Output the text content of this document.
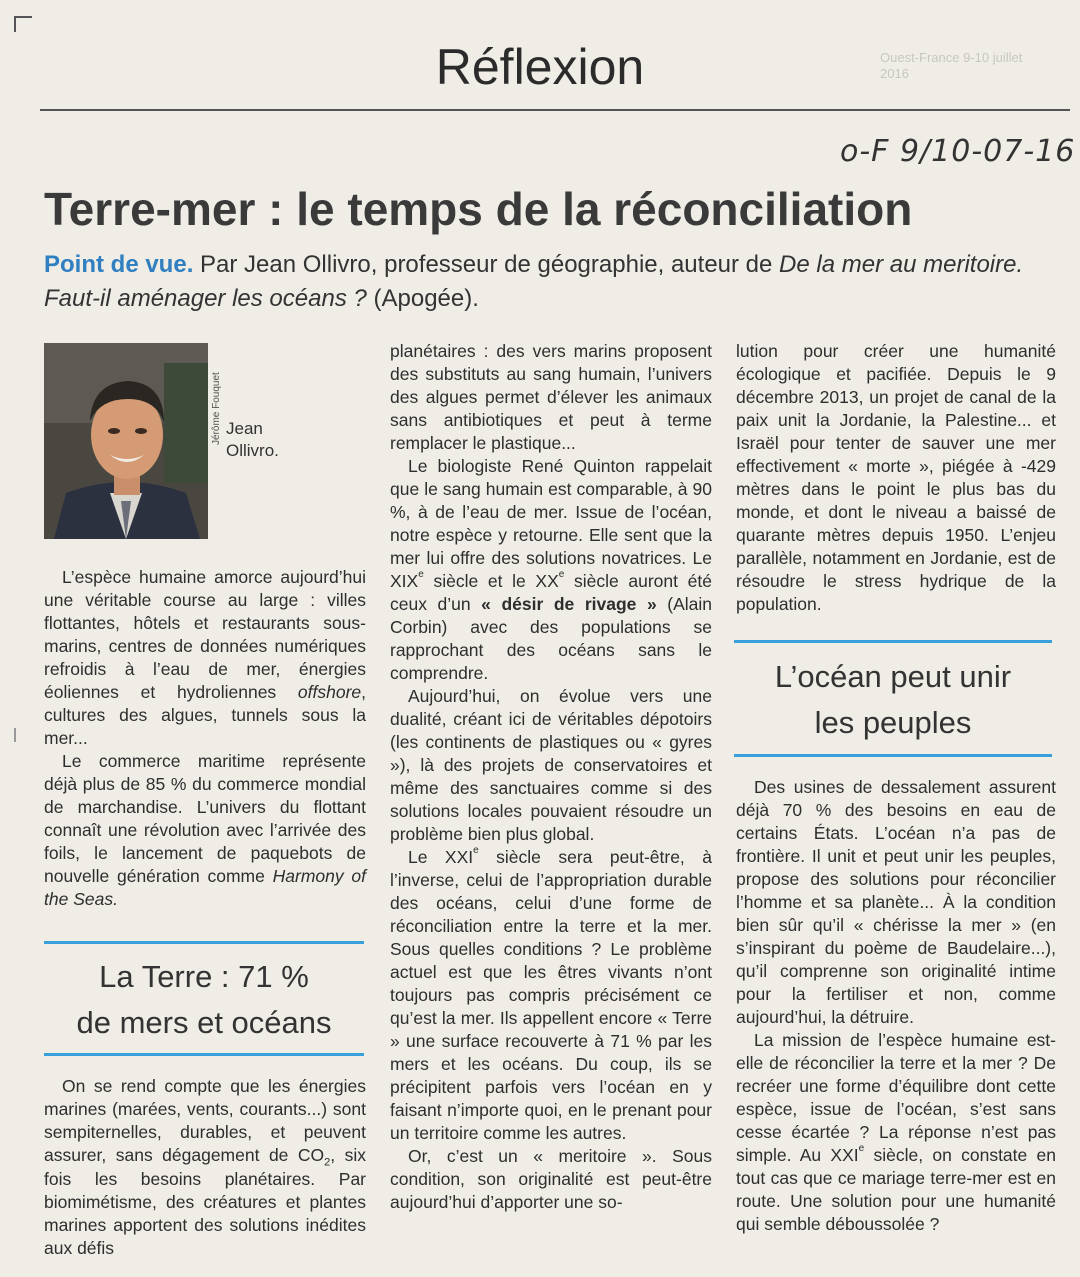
Ouest-France 9-10 juillet 2016
Réflexion
o-F 9/10-07-16
Terre-mer : le temps de la réconciliation
Point de vue. Par Jean Ollivro, professeur de géographie, auteur de De la mer au meritoire. Faut-il aménager les océans ? (Apogée).
Jérôme Fouquet Jean Ollivro.

L’espèce humaine amorce aujourd’hui une véritable course au large : villes flottantes, hôtels et restaurants sous-marins, centres de données numériques refroidis à l’eau de mer, énergies éoliennes et hydroliennes offshore, cultures des algues, tunnels sous la mer...

Le commerce maritime représente déjà plus de 85 % du commerce mondial de marchandise. L’univers du flottant connaît une révolution avec l’arrivée des foils, le lancement de paquebots de nouvelle génération comme Harmony of the Seas.

La Terre : 71 %
de mers et océans

On se rend compte que les énergies marines (marées, vents, courants...) sont sempiternelles, durables, et peuvent assurer, sans dégagement de $CO_2$, six fois les besoins planétaires. Par biomimétisme, des créatures et plantes marines apportent des solutions inédites aux défis

planétaires : des vers marins proposent des substituts au sang humain, l’univers des algues permet d’élever les animaux sans antibiotiques et peut à terme remplacer le plastique...

Le biologiste René Quinton rappelait que le sang humain est comparable, à 90 %, à de l’eau de mer. Issue de l’océan, notre espèce y retourne. Elle sent que la mer lui offre des solutions novatrices. Le XIXe siècle et le XXe siècle auront été ceux d’un « désir de rivage » (Alain Corbin) avec des populations se rapprochant des océans sans le comprendre.

Aujourd’hui, on évolue vers une dualité, créant ici de véritables dépotoirs (les continents de plastiques ou « gyres »), là des projets de conservatoires et même des sanctuaires comme si des solutions locales pouvaient résoudre un problème bien plus global.

Le XXIe siècle sera peut-être, à l’inverse, celui de l’appropriation durable des océans, celui d’une forme de réconciliation entre la terre et la mer. Sous quelles conditions ? Le problème actuel est que les êtres vivants n’ont toujours pas compris précisément ce qu’est la mer. Ils appellent encore « Terre » une surface recouverte à 71 % par les mers et les océans. Du coup, ils se précipitent parfois vers l’océan en y faisant n’importe quoi, en le prenant pour un territoire comme les autres.

Or, c’est un « meritoire ». Sous condition, son originalité est peut-être aujourd’hui d’apporter une so-

lution pour créer une humanité écologique et pacifiée. Depuis le 9 décembre 2013, un projet de canal de la paix unit la Jordanie, la Palestine... et Israël pour tenter de sauver une mer effectivement « morte », piégée à -429 mètres dans le point le plus bas du monde, et dont le niveau a baissé de quarante mètres depuis 1950. L’enjeu parallèle, notamment en Jordanie, est de résoudre le stress hydrique de la population.

L’océan peut unir
les peuples

Des usines de dessalement assurent déjà 70 % des besoins en eau de certains États. L’océan n’a pas de frontière. Il unit et peut unir les peuples, propose des solutions pour réconcilier l’homme et sa planète... À la condition bien sûr qu’il « chérisse la mer » (en s’inspirant du poème de Baudelaire...), qu’il comprenne son originalité intime pour la fertiliser et non, comme aujourd’hui, la détruire.

La mission de l’espèce humaine est-elle de réconcilier la terre et la mer ? De recréer une forme d’équilibre dont cette espèce, issue de l’océan, s’est sans cesse écartée ? La réponse n’est pas simple. Au XXIe siècle, on constate en tout cas que ce mariage terre-mer est en route. Une solution pour une humanité qui semble déboussolée ?
